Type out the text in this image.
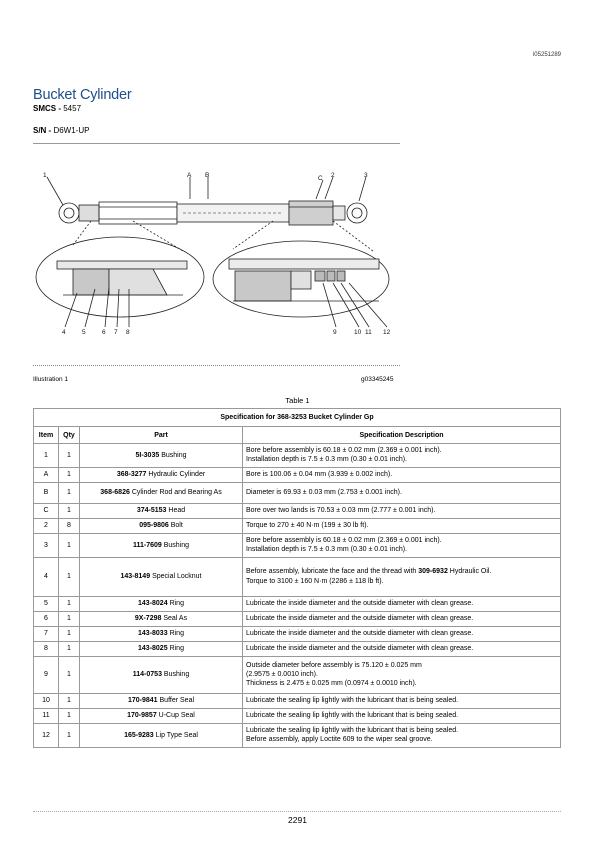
i05251289
Bucket Cylinder
SMCS - 5457
S/N - D6W1-UP
1	A B	C 2	3
4	5	6 7 8	9	10 11 12
Illustration 1	g03345245
Table 1
Specification for 368-3253 Bucket Cylinder Gp			
Item	Qty	Part	Specification Description
1	1	5I-3035 Bushing	Bore before assembly is 60.18 ± 0.02 mm (2.369 ± 0.001 inch).
Installation depth is 7.5 ± 0.3 mm (0.30 ± 0.01 inch).
A	1	368-3277 Hydraulic Cylinder	Bore is 100.06 ± 0.04 mm (3.939 ± 0.002 inch).
B	1	368-6826 Cylinder Rod and Bearing As	Diameter is 69.93 ± 0.03 mm (2.753 ± 0.001 inch).
C	1	374-5153 Head	Bore over two lands is 70.53 ± 0.03 mm (2.777 ± 0.001 inch).
2	8	095-9806 Bolt	Torque to 270 ± 40 N·m (199 ± 30 lb ft).
3	1	111-7609 Bushing	Bore before assembly is 60.18 ± 0.02 mm (2.369 ± 0.001 inch).
Installation depth is 7.5 ± 0.3 mm (0.30 ± 0.01 inch).
4	1	143-8149 Special Locknut	Before assembly, lubricate the face and the thread with 309-6932 Hydraulic Oil.
Torque to 3100 ± 160 N·m (2286 ± 118 lb ft).
5	1	143-8024 Ring	Lubricate the inside diameter and the outside diameter with clean grease.
6	1	9X-7298 Seal As	Lubricate the inside diameter and the outside diameter with clean grease.
7	1	143-8033 Ring	Lubricate the inside diameter and the outside diameter with clean grease.
8	1	143-8025 Ring	Lubricate the inside diameter and the outside diameter with clean grease.
9	1	114-0753 Bushing	Outside diameter before assembly is 75.120 ± 0.025 mm
(2.9575 ± 0.0010 inch).
Thickness is 2.475 ± 0.025 mm (0.0974 ± 0.0010 inch).
10	1	170-9841 Buffer Seal	Lubricate the sealing lip lightly with the lubricant that is being sealed.
11	1	170-9857 U-Cup Seal	Lubricate the sealing lip lightly with the lubricant that is being sealed.
12	1	165-9283 Lip Type Seal	Lubricate the sealing lip lightly with the lubricant that is being sealed.
Before assembly, apply Loctite 609 to the wiper seal groove.
2291
